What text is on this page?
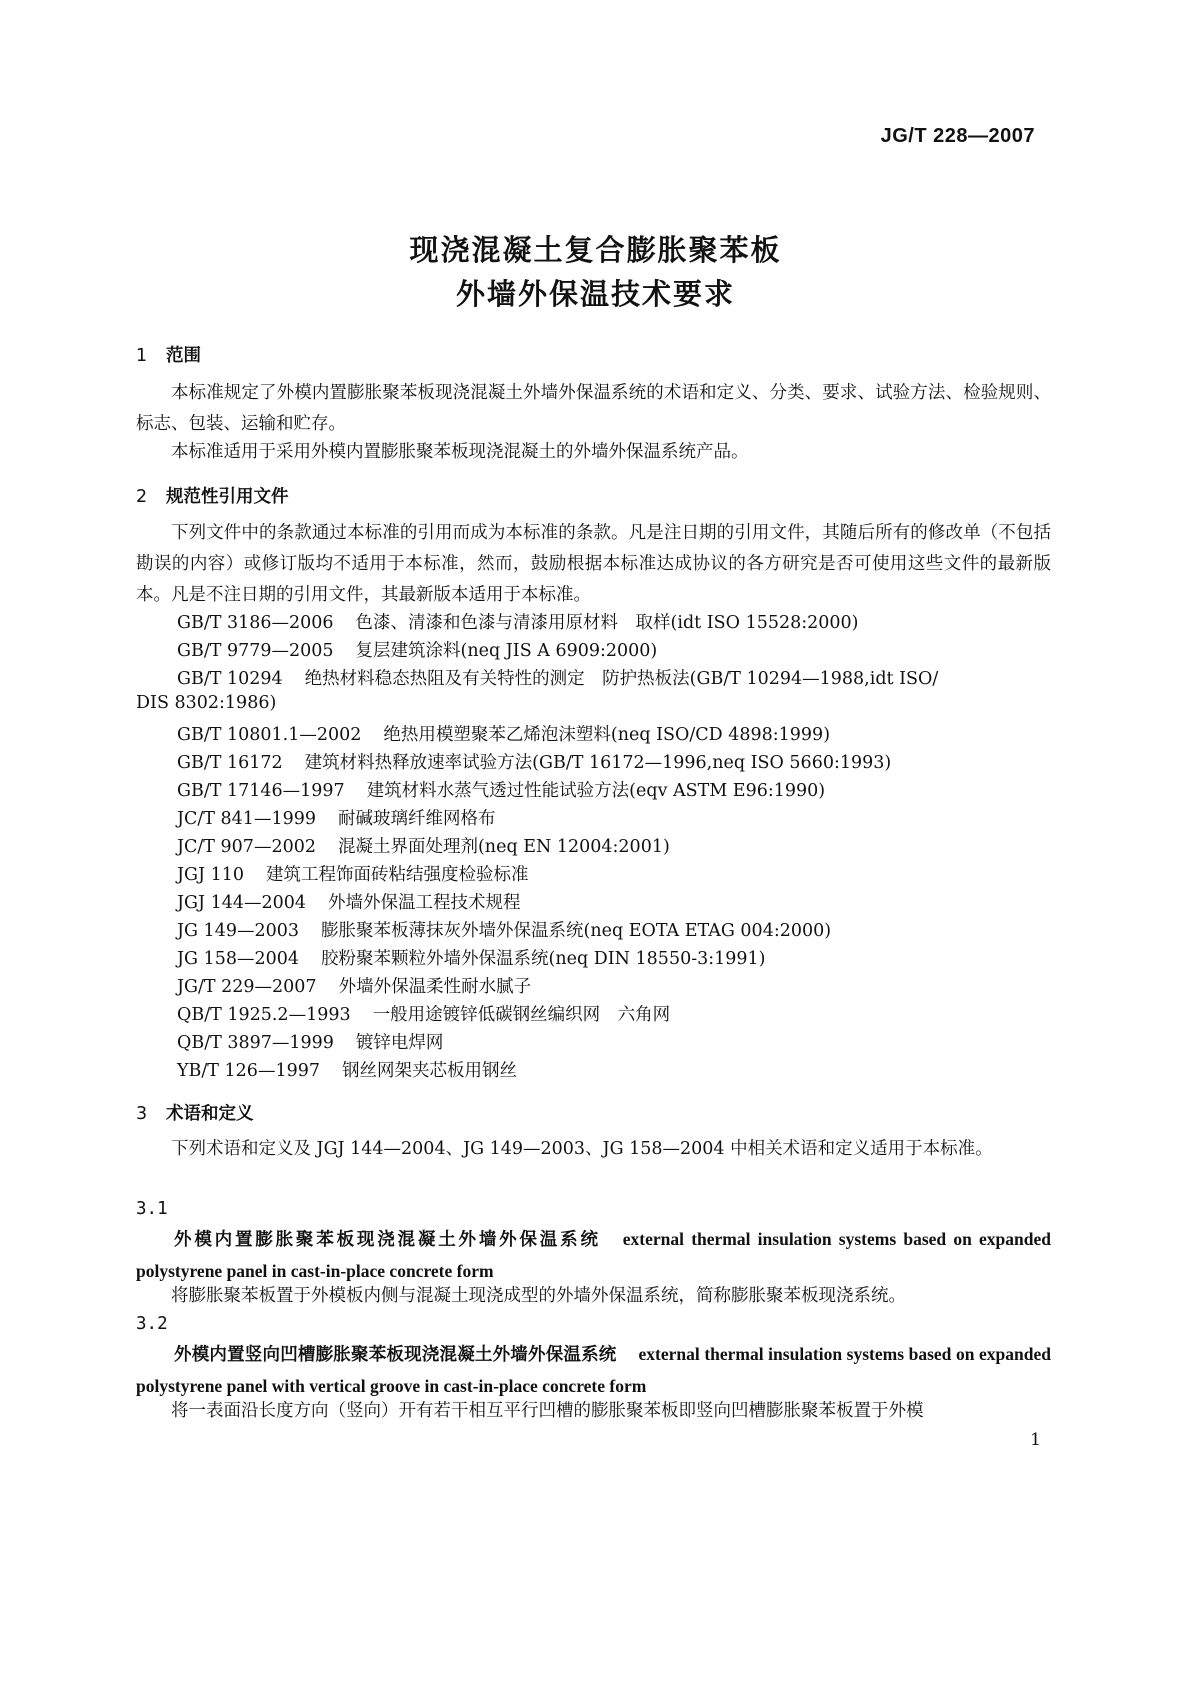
JG/T 228—2007
现浇混凝土复合膨胀聚苯板
外墙外保温技术要求
1 范围
本标准规定了外模内置膨胀聚苯板现浇混凝土外墙外保温系统的术语和定义、分类、要求、试验方法、检验规则、标志、包装、运输和贮存。
本标准适用于采用外模内置膨胀聚苯板现浇混凝土的外墙外保温系统产品。
2 规范性引用文件
下列文件中的条款通过本标准的引用而成为本标准的条款。凡是注日期的引用文件，其随后所有的修改单（不包括勘误的内容）或修订版均不适用于本标准，然而，鼓励根据本标准达成协议的各方研究是否可使用这些文件的最新版本。凡是不注日期的引用文件，其最新版本适用于本标准。
GB/T 3186—2006 色漆、清漆和色漆与清漆用原材料　取样(idt ISO 15528:2000)
GB/T 9779—2005 复层建筑涂料(neq JIS A 6909:2000)
GB/T 10294 绝热材料稳态热阻及有关特性的测定　防护热板法(GB/T 10294—1988,idt ISO/
DIS 8302:1986)
GB/T 10801.1—2002 绝热用模塑聚苯乙烯泡沫塑料(neq ISO/CD 4898:1999)
GB/T 16172 建筑材料热释放速率试验方法(GB/T 16172—1996,neq ISO 5660:1993)
GB/T 17146—1997 建筑材料水蒸气透过性能试验方法(eqv ASTM E96:1990)
JC/T 841—1999 耐碱玻璃纤维网格布
JC/T 907—2002 混凝土界面处理剂(neq EN 12004:2001)
JGJ 110 建筑工程饰面砖粘结强度检验标准
JGJ 144—2004 外墙外保温工程技术规程
JG 149—2003 膨胀聚苯板薄抹灰外墙外保温系统(neq EOTA ETAG 004:2000)
JG 158—2004 胶粉聚苯颗粒外墙外保温系统(neq DIN 18550-3:1991)
JG/T 229—2007 外墙外保温柔性耐水腻子
QB/T 1925.2—1993 一般用途镀锌低碳钢丝编织网　六角网
QB/T 3897—1999 镀锌电焊网
YB/T 126—1997 钢丝网架夹芯板用钢丝
3 术语和定义
下列术语和定义及 JGJ 144—2004、JG 149—2003、JG 158—2004 中相关术语和定义适用于本标准。
3.1
外模内置膨胀聚苯板现浇混凝土外墙外保温系统 external thermal insulation systems based on expanded polystyrene panel in cast-in-place concrete form
将膨胀聚苯板置于外模板内侧与混凝土现浇成型的外墙外保温系统，简称膨胀聚苯板现浇系统。
3.2
外模内置竖向凹槽膨胀聚苯板现浇混凝土外墙外保温系统 external thermal insulation systems based on expanded polystyrene panel with vertical groove in cast-in-place concrete form
将一表面沿长度方向（竖向）开有若干相互平行凹槽的膨胀聚苯板即竖向凹槽膨胀聚苯板置于外模
1
